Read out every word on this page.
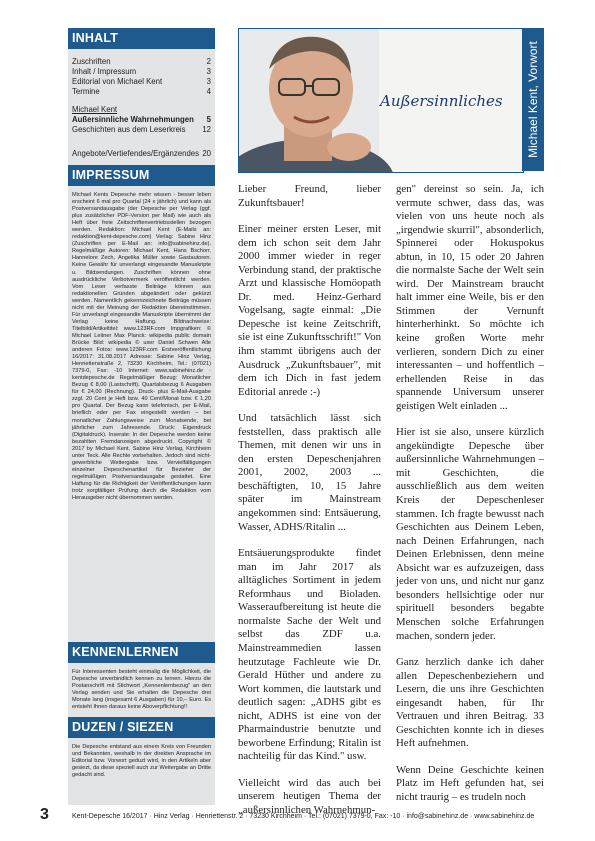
INHALT
Zuschriften	2
Inhalt / Impressum	3
Editorial von Michael Kent	3
Termine	4
Michael Kent
Außersinnliche Wahrnehmungen 5
Geschichten aus dem Leserkreis 12
Angebote/Vertiefendes/Ergänzendes 20
IMPRESSUM
Michael Kents Depesche mehr wissen - besser leben erscheint 6 mal pro Quartal (24 x jährlich) und kann als Postversandausgabe (der Depesche per Verlag (ggf. plus zusätzlicher PDF-Version per Mail) wie auch als Heft über freie Zeitschriftenvertriebsstellen bezogen werden. Redaktion: Michael Kent (E-Mails an: redaktion@kent-depesche.com) Verlag: Sabine Hinz (Zuschriften per E-Mail an: info@sabinehinz.de). Regelmäßige Autoren: Michael Kent, Hans Bschorr, Hannelore Zech, Angelika Müller sowie Gastautoren. Keine Gewähr für unverlangt eingesandte Manuskripte u. Bildsendungen. Zuschriften können ohne ausdrückliche Verbotvermerk veröffentlicht werden. Vom Leser verfasste Beiträge können aus redaktionellen Gründen abgeändert oder gekürzt werden. Namentlich gekennzeichnete Beiträge müssen nicht mit der Meinung der Redaktion übereinstimmen. Für unverlangt eingesandte Manuskripte übernimmt der Verlag keine Haftung. Bildnachweise: Titelbild/Artikeltitel: www.123RF.com Impgrafiken: © Michael Leitner Max Planck: wikipedia public domain Brücke Bild: wikipedia © user Daniel Schwen Alle anderen Fotos: www.123RF.com Erstveröffentlichung 16/2017: 31.08.2017 Adresse: Sabine Hinz Verlag, Henriettenstraße 2, 73230 Kirchheim, Tel.: (07021) 7379-0, Fax: -10 Internet: www.sabinehinz.de · kentdepesche.de Regelmäßiger Bezug: Monatlicher Bezug € 8,00 (Lastschrift). Quartalsbezug 6 Ausgaben für € 24,00 (Rechnung). Druck- plus E-Mail-Ausgabe zzgl. 20 Cent je Heft bzw. 40 Cent/Monat bzw. € 1,20 pro Quartal. Der Bezug kann telefonisch, per E-Mail, brieflich oder per Fax eingestellt werden – bei monatlicher Zahlungsweise zum Monatsende, bei jährlicher zum Jahresende. Druck: Eigendruck (Digitaldruck). Inserate: In der Depesche werden keine bezahlten Fremdanzeigen abgedruckt. Copyright © 2017 by Michael Kent, Sabine Hinz Verlag, Kirchheim unter Teck. Alle Rechte vorbehalten. Jedoch sind nicht-gewerbliche Weitergabe bzw. Vervielfältigungen einzelner Depeschenartikel für Bezieher der regelmäßigen Postversandausgabe gestattet. Eine Haftung für die Richtigkeit der Veröffentlichungen kann trotz sorgfältiger Prüfung durch die Redaktion vom Herausgeber nicht übernommen werden.
KENNENLERNEN
Für Interessenten besteht einmalig die Möglichkeit, die Depesche unverbindlich kennen zu lernen. Hierzu die Postanschrift mit Stichwort „Kennenlernbezug" an den Verlag senden und Sie erhalten die Depesche drei Monate lang (insgesamt 6 Ausgaben) für 10,– Euro. Es entsteht Ihnen daraus keine Aboverpflichtung!!
DUZEN / SIEZEN
Die Depesche entstand aus einem Kreis von Freunden und Bekannten, weshalb in der direkten Ansprache im Editorial bzw. Vorwort geduzt wird, in den Artikeln aber gesiezt, da diese speziell auch zur Weitergabe an Dritte gedacht sind.
Außersinnliches	Michael Kent, Vorwort

Lieber Freund, lieber Zukunftsbauer!

Einer meiner ersten Leser, mit dem ich schon seit dem Jahr 2000 immer wieder in reger Verbindung stand, der praktische Arzt und klassische Homöopath Dr. med. Heinz-Gerhard Vogelsang, sagte einmal: „Die Depesche ist keine Zeitschrift, sie ist eine Zukunftsschrift!" Von ihm stammt übrigens auch der Ausdruck „Zukunftsbauer", mit dem ich Dich in fast jedem Editorial anrede :-)

Und tatsächlich lässt sich feststellen, dass praktisch alle Themen, mit denen wir uns in den ersten Depeschenjahren 2001, 2002, 2003 ... beschäftigten, 10, 15 Jahre später im Mainstream angekommen sind: Entsäuerung, Wasser, ADHS/Ritalin ...

Entsäuerungsprodukte findet man im Jahr 2017 als alltägliches Sortiment in jedem Reformhaus und Bioladen. Wasseraufbereitung ist heute die normalste Sache der Welt und selbst das ZDF u.a. Mainstreammedien lassen heutzutage Fachleute wie Dr. Gerald Hüther und andere zu Wort kommen, die lautstark und deutlich sagen: „ADHS gibt es nicht, ADHS ist eine von der Pharmaindustrie benutzte und beworbene Erfindung; Ritalin ist nachteilig für das Kind." usw.

Vielleicht wird das auch bei unserem heutigen Thema der „außersinnlichen Wahrnehmun-

gen" dereinst so sein. Ja, ich vermute schwer, dass das, was vielen von uns heute noch als „irgendwie skurril", absonderlich, Spinnerei oder Hokuspokus abtun, in 10, 15 oder 20 Jahren die normalste Sache der Welt sein wird. Der Mainstream braucht halt immer eine Weile, bis er den Stimmen der Vernunft hinterherhinkt. So möchte ich keine großen Worte mehr verlieren, sondern Dich zu einer interessanten – und hoffentlich – erhellenden Reise in das spannende Universum unserer geistigen Welt einladen ...

Hier ist sie also, unsere kürzlich angekündigte Depesche über außersinnliche Wahrnehmungen – mit Geschichten, die ausschließlich aus dem weiten Kreis der Depeschenleser stammen. Ich fragte bewusst nach Geschichten aus Deinem Leben, nach Deinen Erfahrungen, nach Deinen Erlebnissen, denn meine Absicht war es aufzuzeigen, dass jeder von uns, und nicht nur ganz besonders hellsichtige oder nur spirituell besonders begabte Menschen solche Erfahrungen machen, sondern jeder.

Ganz herzlich danke ich daher allen Depeschenbeziehern und Lesern, die uns ihre Geschichten eingesandt haben, für Ihr Vertrauen und ihren Beitrag. 33 Geschichten konnte ich in dieses Heft aufnehmen.

Wenn Deine Geschichte keinen Platz im Heft gefunden hat, sei nicht traurig – es trudeln noch

3	Kent-Depesche 16/2017 · Hinz Verlag · Henriettenstr. 2 · 73230 Kirchheim · Tel.: (07021) 7379-0, Fax: -10 · info@sabinehinz.de · www.sabinehinz.de
